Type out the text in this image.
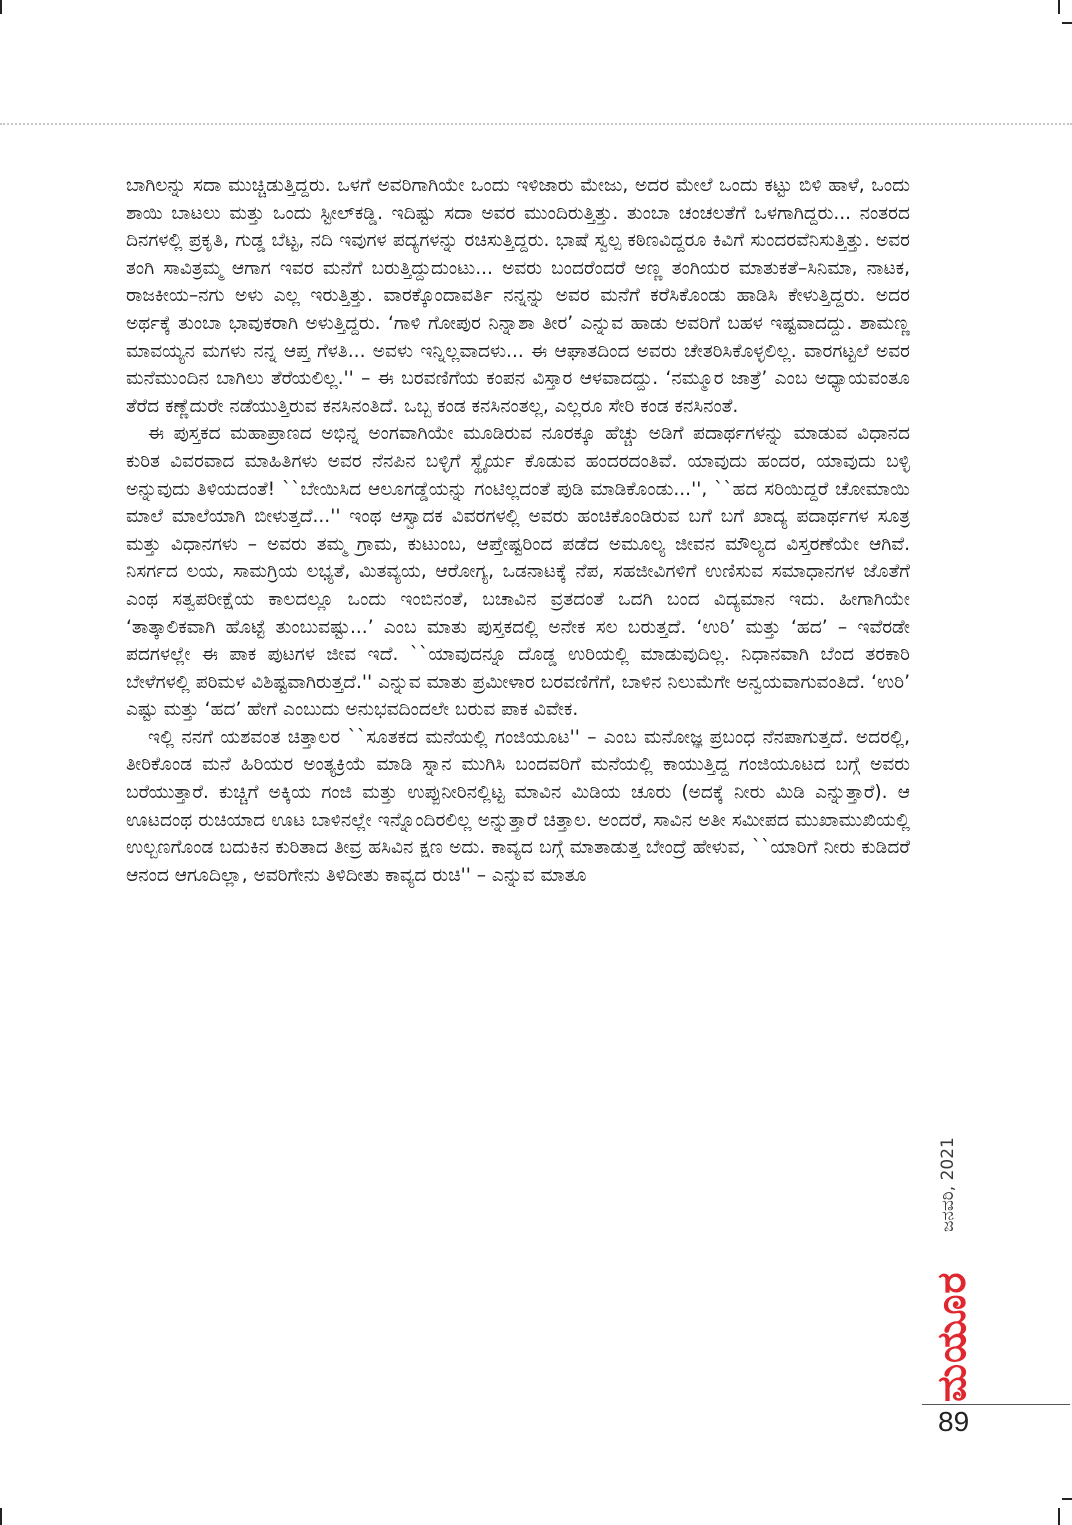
ಬಾಗಿಲನ್ನು ಸದಾ ಮುಚ್ಚಿಡುತ್ತಿದ್ದರು. ಒಳಗೆ ಅವರಿಗಾಗಿಯೇ ಒಂದು ಇಳಿಜಾರು ಮೇಜು, ಅದರ ಮೇಲೆ ಒಂದು ಕಟ್ಟು ಬಿಳಿ ಹಾಳೆ, ಒಂದು ಶಾಯಿ ಬಾಟಲು ಮತ್ತು ಒಂದು ಸ್ಟೀಲ್‌ಕಡ್ಡಿ. ಇದಿಷ್ಟು ಸದಾ ಅವರ ಮುಂದಿರುತ್ತಿತ್ತು. ತುಂಬಾ ಚಂಚಲತೆಗೆ ಒಳಗಾಗಿದ್ದರು... ನಂತರದ ದಿನಗಳಲ್ಲಿ ಪ್ರಕೃತಿ, ಗುಡ್ಡ ಬೆಟ್ಟ, ನದಿ ಇವುಗಳ ಪದ್ಯಗಳನ್ನು ರಚಿಸುತ್ತಿದ್ದರು. ಭಾಷೆ ಸ್ವಲ್ಪ ಕಠಿಣವಿದ್ದರೂ ಕಿವಿಗೆ ಸುಂದರವೆನಿಸುತ್ತಿತ್ತು. ಅವರ ತಂಗಿ ಸಾವಿತ್ರಮ್ಮ ಆಗಾಗ ಇವರ ಮನೆಗೆ ಬರುತ್ತಿದ್ದುದುಂಟು... ಅವರು ಬಂದರೆಂದರೆ ಅಣ್ಣ ತಂಗಿಯರ ಮಾತುಕತೆ–ಸಿನಿಮಾ, ನಾಟಕ, ರಾಜಕೀಯ–ನಗು ಅಳು ಎಲ್ಲ ಇರುತ್ತಿತ್ತು. ವಾರಕ್ಕೊಂದಾವರ್ತಿ ನನ್ನನ್ನು ಅವರ ಮನೆಗೆ ಕರೆಸಿಕೊಂಡು ಹಾಡಿಸಿ ಕೇಳುತ್ತಿದ್ದರು. ಅದರ ಅರ್ಥಕ್ಕೆ ತುಂಬಾ ಭಾವುಕರಾಗಿ ಅಳುತ್ತಿದ್ದರು. ‘ಗಾಳಿ ಗೋಪುರ ನಿನ್ನಾಶಾ ತೀರ’ ಎನ್ನುವ ಹಾಡು ಅವರಿಗೆ ಬಹಳ ಇಷ್ಟವಾದದ್ದು. ಶಾಮಣ್ಣ ಮಾವಯ್ಯನ ಮಗಳು ನನ್ನ ಆಪ್ತ ಗೆಳತಿ... ಅವಳು ಇನ್ನಿಲ್ಲವಾದಳು... ಈ ಆಘಾತದಿಂದ ಅವರು ಚೇತರಿಸಿಕೊಳ್ಳಲಿಲ್ಲ. ವಾರಗಟ್ಟಲೆ ಅವರ ಮನೆಮುಂದಿನ ಬಾಗಿಲು ತೆರೆಯಲಿಲ್ಲ.'' – ಈ ಬರವಣಿಗೆಯ ಕಂಪನ ವಿಸ್ತಾರ ಆಳವಾದದ್ದು. ‘ನಮ್ಮೂರ ಜಾತ್ರೆ’ ಎಂಬ ಅಧ್ಯಾಯವಂತೂ ತೆರೆದ ಕಣ್ಣೆದುರೇ ನಡೆಯುತ್ತಿರುವ ಕನಸಿನಂತಿದೆ. ಒಬ್ಬ ಕಂಡ ಕನಸಿನಂತಲ್ಲ, ಎಲ್ಲರೂ ಸೇರಿ ಕಂಡ ಕನಸಿನಂತೆ.

ಈ ಪುಸ್ತಕದ ಮಹಾಪ್ರಾಣದ ಅಭಿನ್ನ ಅಂಗವಾಗಿಯೇ ಮೂಡಿರುವ ನೂರಕ್ಕೂ ಹೆಚ್ಚು ಅಡಿಗೆ ಪದಾರ್ಥಗಳನ್ನು ಮಾಡುವ ವಿಧಾನದ ಕುರಿತ ವಿವರವಾದ ಮಾಹಿತಿಗಳು ಅವರ ನೆನಪಿನ ಬಳ್ಳಿಗೆ ಸ್ಥೈರ್ಯ ಕೊಡುವ ಹಂದರದಂತಿವೆ. ಯಾವುದು ಹಂದರ, ಯಾವುದು ಬಳ್ಳಿ ಅನ್ನುವುದು ತಿಳಿಯದಂತೆ! ``ಬೇಯಿಸಿದ ಆಲೂಗಡ್ಡೆಯನ್ನು ಗಂಟಿಲ್ಲದಂತೆ ಪುಡಿ ಮಾಡಿಕೊಂಡು...'', ``ಹದ ಸರಿಯಿದ್ದರೆ ಚೋಮಾಯಿ ಮಾಲೆ ಮಾಲೆಯಾಗಿ ಬೀಳುತ್ತದೆ...'' ಇಂಥ ಆಸ್ವಾದಕ ವಿವರಗಳಲ್ಲಿ ಅವರು ಹಂಚಿಕೊಂಡಿರುವ ಬಗೆ ಬಗೆ ಖಾದ್ಯ ಪದಾರ್ಥಗಳ ಸೂತ್ರ ಮತ್ತು ವಿಧಾನಗಳು – ಅವರು ತಮ್ಮ ಗ್ರಾಮ, ಕುಟುಂಬ, ಆಪ್ತೇಷ್ಟರಿಂದ ಪಡೆದ ಅಮೂಲ್ಯ ಜೀವನ ಮೌಲ್ಯದ ವಿಸ್ತರಣೆಯೇ ಆಗಿವೆ. ನಿಸರ್ಗದ ಲಯ, ಸಾಮಗ್ರಿಯ ಲಭ್ಯತೆ, ಮಿತವ್ಯಯ, ಆರೋಗ್ಯ, ಒಡನಾಟಕ್ಕೆ ನೆಪ, ಸಹಜೀವಿಗಳಿಗೆ ಉಣಿಸುವ ಸಮಾಧಾನಗಳ ಜೊತೆಗೆ ಎಂಥ ಸತ್ವಪರೀಕ್ಷೆಯ ಕಾಲದಲ್ಲೂ ಒಂದು ಇಂಬಿನಂತೆ, ಬಚಾವಿನ ವ್ರತದಂತೆ ಒದಗಿ ಬಂದ ವಿದ್ಯಮಾನ ಇದು. ಹೀಗಾಗಿಯೇ ‘ತಾತ್ಕಾಲಿಕವಾಗಿ ಹೊಟ್ಟೆ ತುಂಬುವಷ್ಟು...’ ಎಂಬ ಮಾತು ಪುಸ್ತಕದಲ್ಲಿ ಅನೇಕ ಸಲ ಬರುತ್ತದೆ. ‘ಉರಿ’ ಮತ್ತು ‘ಹದ’ – ಇವೆರಡೇ ಪದಗಳಲ್ಲೇ ಈ ಪಾಕ ಪುಟಗಳ ಜೀವ ಇದೆ. ``ಯಾವುದನ್ನೂ ದೊಡ್ಡ ಉರಿಯಲ್ಲಿ ಮಾಡುವುದಿಲ್ಲ. ನಿಧಾನವಾಗಿ ಬೆಂದ ತರಕಾರಿ ಬೇಳೆಗಳಲ್ಲಿ ಪರಿಮಳ ವಿಶಿಷ್ಟವಾಗಿರುತ್ತದೆ.'' ಎನ್ನುವ ಮಾತು ಪ್ರಮೀಳಾರ ಬರವಣಿಗೆಗೆ, ಬಾಳಿನ ನಿಲುಮೆಗೇ ಅನ್ವಯವಾಗುವಂತಿದೆ. ‘ಉರಿ’ ಎಷ್ಟು ಮತ್ತು ‘ಹದ’ ಹೇಗೆ ಎಂಬುದು ಅನುಭವದಿಂದಲೇ ಬರುವ ಪಾಕ ವಿವೇಕ.

ಇಲ್ಲಿ ನನಗೆ ಯಶವಂತ ಚಿತ್ತಾಲರ ``ಸೂತಕದ ಮನೆಯಲ್ಲಿ ಗಂಜಿಯೂಟ'' – ಎಂಬ ಮನೋಜ್ಞ ಪ್ರಬಂಧ ನೆನಪಾಗುತ್ತದೆ. ಅದರಲ್ಲಿ, ತೀರಿಕೊಂಡ ಮನೆ ಹಿರಿಯರ ಅಂತ್ಯಕ್ರಿಯೆ ಮಾಡಿ ಸ್ನಾನ ಮುಗಿಸಿ ಬಂದವರಿಗೆ ಮನೆಯಲ್ಲಿ ಕಾಯುತ್ತಿದ್ದ ಗಂಜಿಯೂಟದ ಬಗ್ಗೆ ಅವರು ಬರೆಯುತ್ತಾರೆ. ಕುಚ್ಚಿಗೆ ಅಕ್ಕಿಯ ಗಂಜಿ ಮತ್ತು ಉಪ್ಪುನೀರಿನಲ್ಲಿಟ್ಟ ಮಾವಿನ ಮಿಡಿಯ ಚೂರು (ಅದಕ್ಕೆ ನೀರು ಮಿಡಿ ಎನ್ನುತ್ತಾರೆ). ಆ ಊಟದಂಥ ರುಚಿಯಾದ ಊಟ ಬಾಳಿನಲ್ಲೇ ಇನ್ನೊಂದಿರಲಿಲ್ಲ ಅನ್ನುತ್ತಾರೆ ಚಿತ್ತಾಲ. ಅಂದರೆ, ಸಾವಿನ ಅತೀ ಸಮೀಪದ ಮುಖಾಮುಖಿಯಲ್ಲಿ ಉಲ್ಬಣಗೊಂಡ ಬದುಕಿನ ಕುರಿತಾದ ತೀವ್ರ ಹಸಿವಿನ ಕ್ಷಣ ಅದು. ಕಾವ್ಯದ ಬಗ್ಗೆ ಮಾತಾಡುತ್ತ ಬೇಂದ್ರೆ ಹೇಳುವ, ``ಯಾರಿಗೆ ನೀರು ಕುಡಿದರೆ ಆನಂದ ಆಗೂದಿಲ್ಲಾ, ಅವರಿಗೇನು ತಿಳಿದೀತು ಕಾವ್ಯದ ರುಚಿ'' – ಎನ್ನುವ ಮಾತೂ

ಜನವರಿ, 2021
ಮಯೂರ
89
